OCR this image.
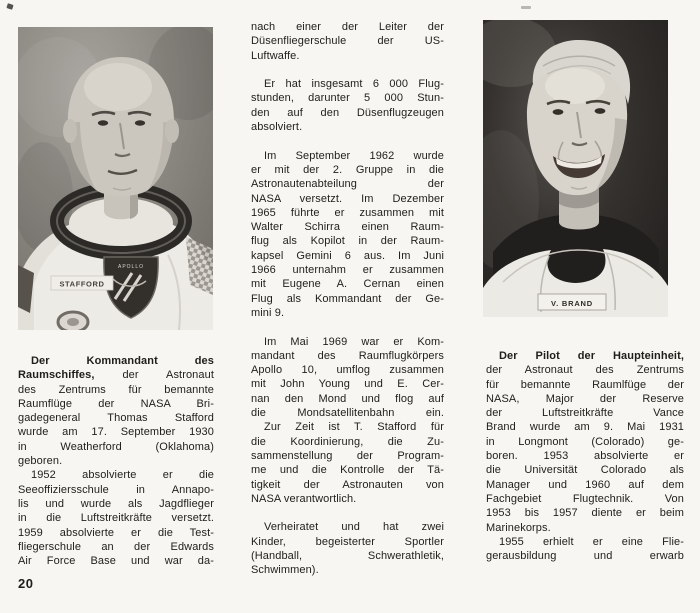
APOLLO
STAFFORD
V. BRAND
Der Kommandant des
Raumschiffes, der Astronaut
des Zentrums für bemannte
Raumflüge der NASA Bri-
gadegeneral Thomas Stafford
wurde am 17. September 1930
in Weatherford (Oklahoma)
geboren.
1952 absolvierte er die
Seeoffiziersschule in Annapo-
lis und wurde als Jagdflieger
in die Luftstreitkräfte versetzt.
1959 absolvierte er die Test-
fliegerschule an der Edwards
Air Force Base und war da-
nach einer der Leiter der
Düsenfliegerschule der US-
Luftwaffe.
Er hat insgesamt 6 000 Flug-
stunden, darunter 5 000 Stun-
den auf den Düsenflugzeugen
absolviert.
Im September 1962 wurde
er mit der 2. Gruppe in die
Astronautenabteilung der
NASA versetzt. Im Dezember
1965 führte er zusammen mit
Walter Schirra einen Raum-
flug als Kopilot in der Raum-
kapsel Gemini 6 aus. Im Juni
1966 unternahm er zusammen
mit Eugene A. Cernan einen
Flug als Kommandant der Ge-
mini 9.
Im Mai 1969 war er Kom-
mandant des Raumflugkörpers
Apollo 10, umflog zusammen
mit John Young und E. Cer-
nan den Mond und flog auf
die Mondsatellitenbahn ein.
Zur Zeit ist T. Stafford für
die Koordinierung, die Zu-
sammenstellung der Program-
me und die Kontrolle der Tä-
tigkeit der Astronauten von
NASA verantwortlich.
Verheiratet und hat zwei
Kinder, begeisterter Sportler
(Handball, Schwerathletik,
Schwimmen).
Der Pilot der Haupteinheit,
der Astronaut des Zentrums
für bemannte Raumlfüge der
NASA, Major der Reserve
der Luftstreitkräfte Vance
Brand wurde am 9. Mai 1931
in Longmont (Colorado) ge-
boren. 1953 absolvierte er
die Universität Colorado als
Manager und 1960 auf dem
Fachgebiet Flugtechnik. Von
1953 bis 1957 diente er beim
Marinekorps.
1955 erhielt er eine Flie-
gerausbildung und erwarb
20
